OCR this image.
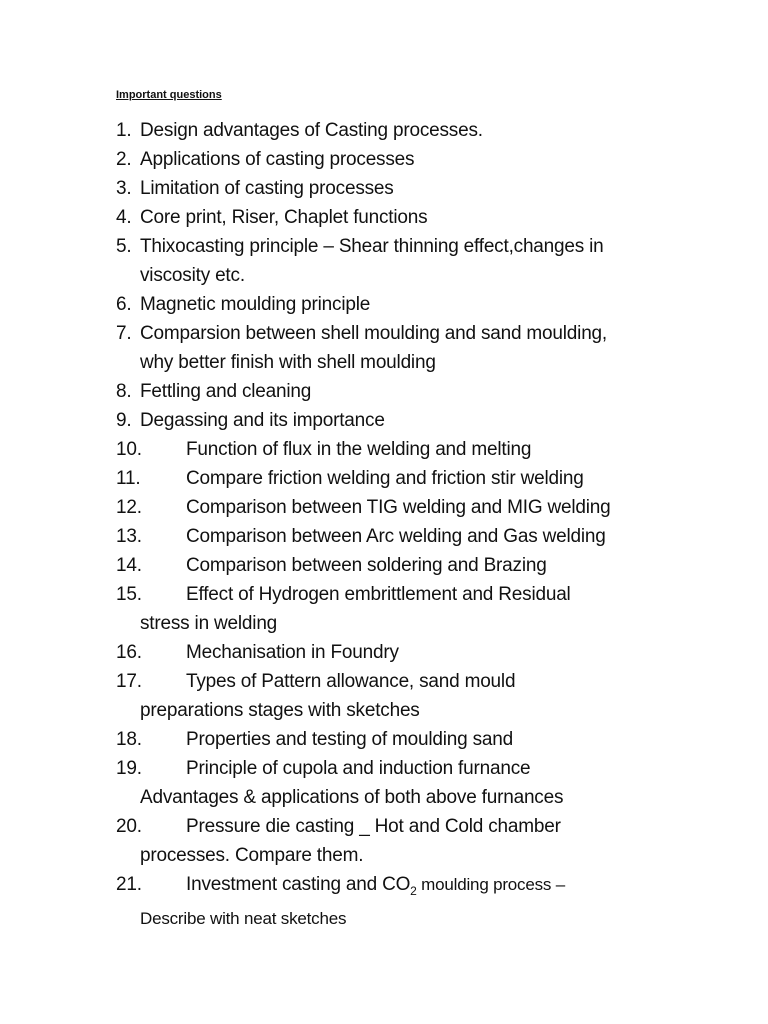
Important questions

1. Design advantages of Casting processes.
2. Applications of casting processes
3. Limitation of casting processes
4. Core print, Riser, Chaplet functions
5. Thixocasting principle – Shear thinning effect,changes in
viscosity etc.
6. Magnetic moulding principle
7. Comparsion between shell moulding and sand moulding,
why better finish with shell moulding
8. Fettling and cleaning
9. Degassing and its importance
10. Function of flux in the welding and melting
11. Compare friction welding and friction stir welding
12. Comparison between TIG welding and MIG welding
13. Comparison between Arc welding and Gas welding
14. Comparison between soldering and Brazing
15. Effect of Hydrogen embrittlement and Residual
stress in welding
16. Mechanisation in Foundry
17. Types of Pattern allowance, sand mould
preparations stages with sketches
18. Properties and testing of moulding sand
19. Principle of cupola and induction furnance
Advantages & applications of both above furnances
20. Pressure die casting _ Hot and Cold chamber
processes. Compare them.
21. Investment casting and $CO_2$ moulding process –
Describe with neat sketches
